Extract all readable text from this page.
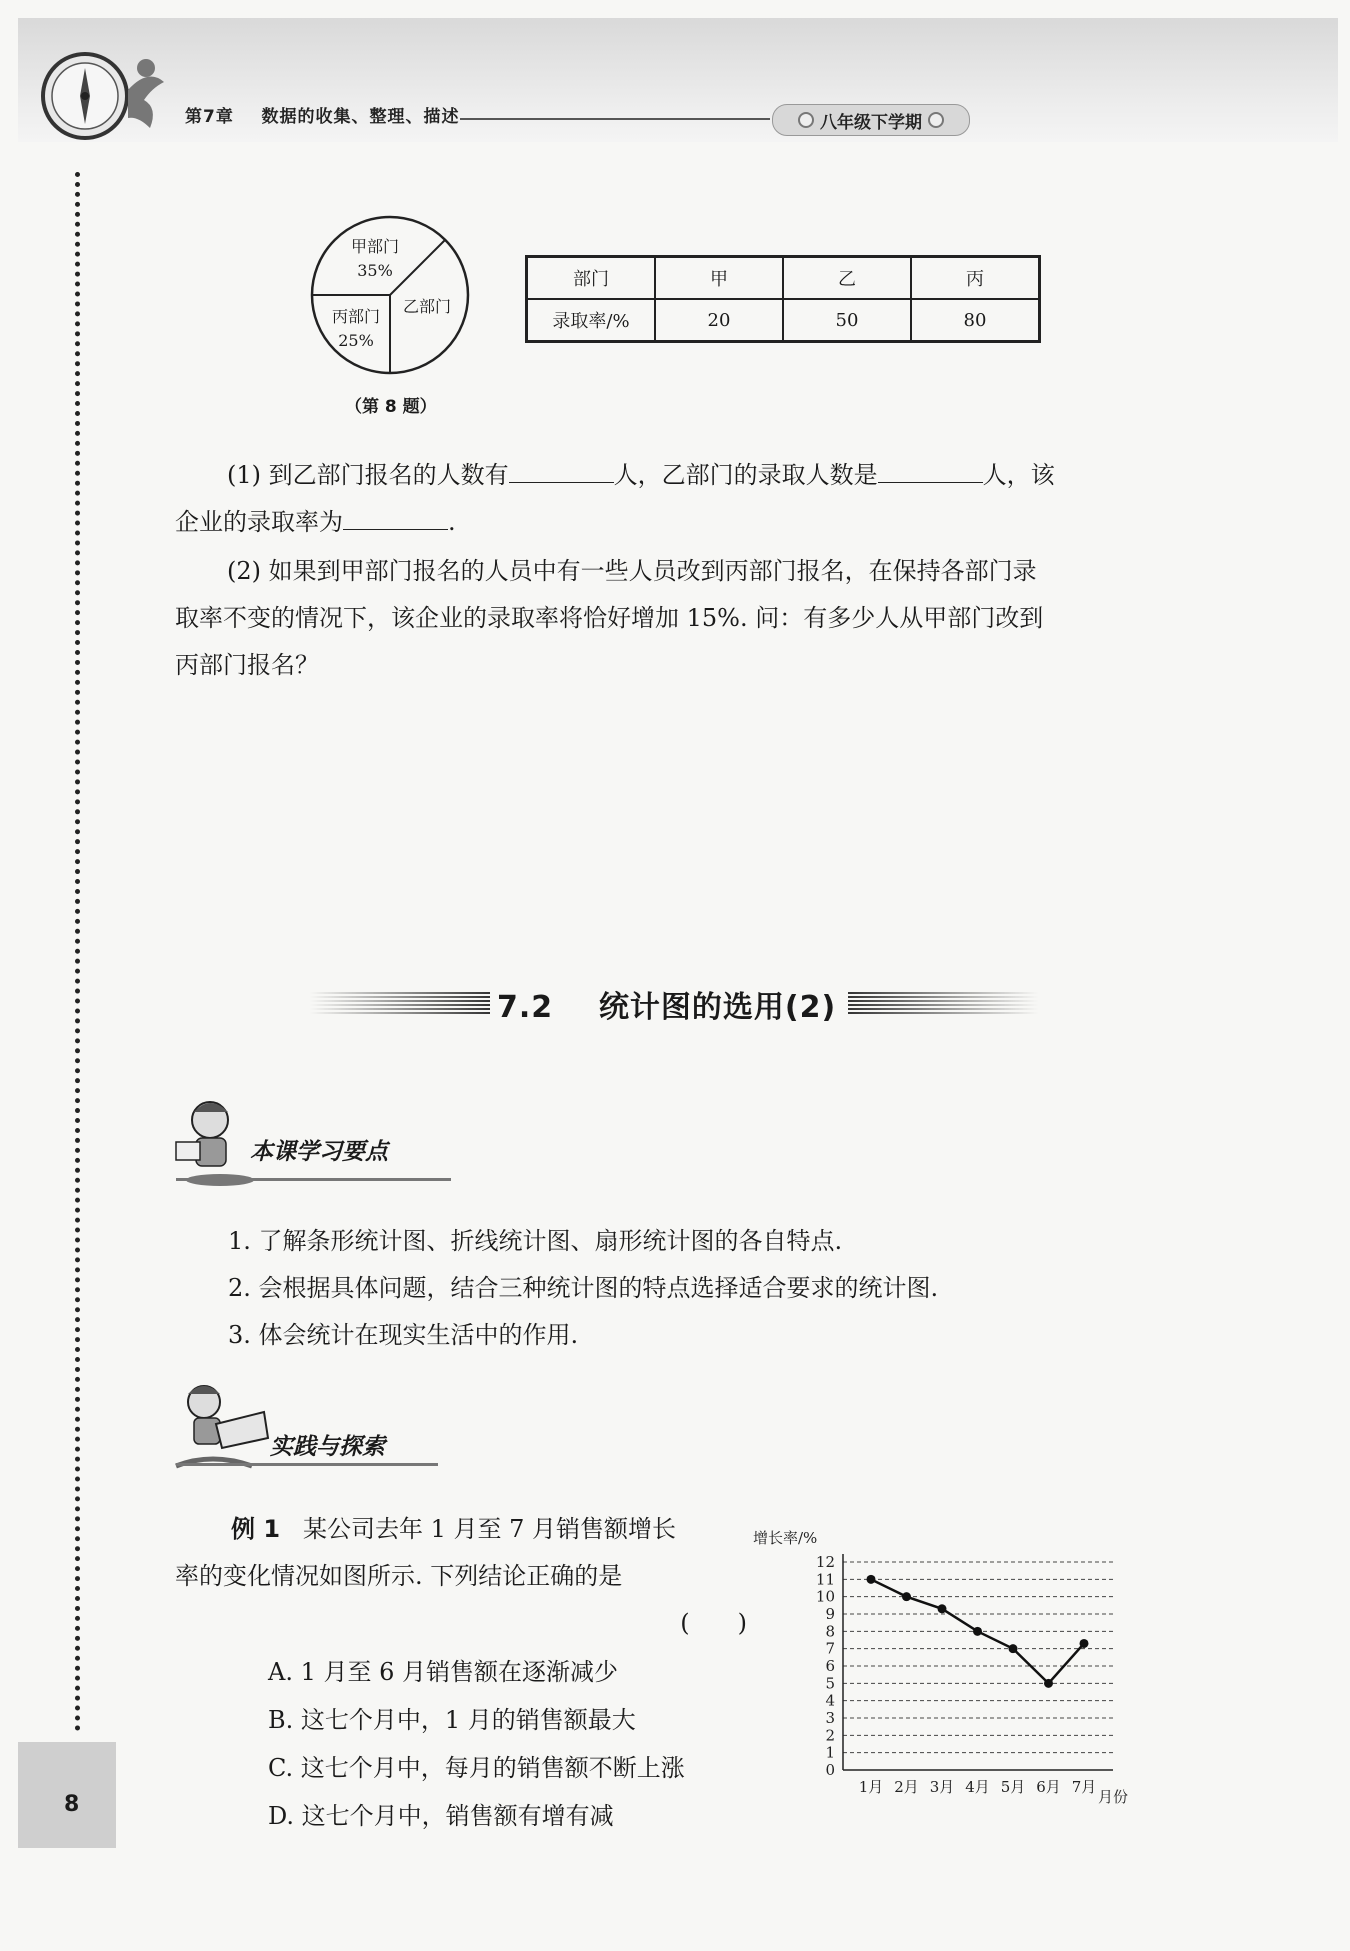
第7章 数据的收集、整理、描述	八年级下学期
8
甲部门
35%
乙部门
丙部门
25%
部门	甲	乙	丙
录取率/%	20	50	80
（第 8 题）
(1) 到乙部门报名的人数有	人，乙部门的录取人数是	人，该
企业的录取率为	.
(2) 如果到甲部门报名的人员中有一些人员改到丙部门报名，在保持各部门录
取率不变的情况下，该企业的录取率将恰好增加 15%. 问：有多少人从甲部门改到
丙部门报名？
7.2 统计图的选用(2)
本课学习要点
1. 了解条形统计图、折线统计图、扇形统计图的各自特点.
2. 会根据具体问题，结合三种统计图的特点选择适合要求的统计图.
3. 体会统计在现实生活中的作用.
实践与探索
例 1 某公司去年 1 月至 7 月销售额增长
率的变化情况如图所示. 下列结论正确的是
(　　)
A. 1 月至 6 月销售额在逐渐减少
B. 这七个月中，1 月的销售额最大
C. 这七个月中，每月的销售额不断上涨
D. 这七个月中，销售额有增有减
0
1
2
3
4
5
6
7
8
9
10
11
12
增长率/%
1月 2月 3月 4月 5月 6月 7月
月份
